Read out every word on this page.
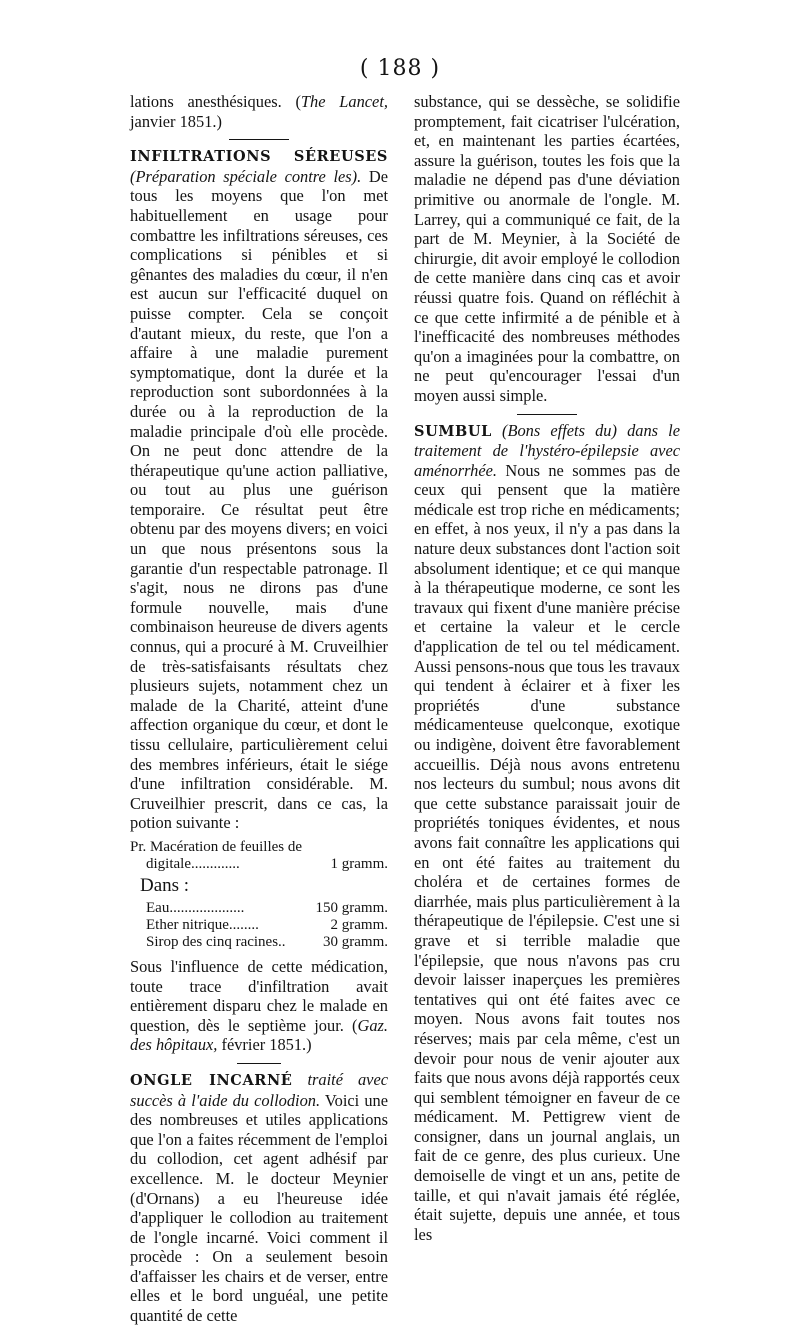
( 188 )

lations anesthésiques. (The Lancet, janvier 1851.)

INFILTRATIONS SÉREUSES (Préparation spéciale contre les). De tous les moyens que l'on met habituellement en usage pour combattre les infiltrations séreuses, ces complications si pénibles et si gênantes des maladies du cœur, il n'en est aucun sur l'efficacité duquel on puisse compter. Cela se conçoit d'autant mieux, du reste, que l'on a affaire à une maladie purement symptomatique, dont la durée et la reproduction sont subordonnées à la durée ou à la reproduction de la maladie principale d'où elle procède. On ne peut donc attendre de la thérapeutique qu'une action palliative, ou tout au plus une guérison temporaire. Ce résultat peut être obtenu par des moyens divers; en voici un que nous présentons sous la garantie d'un respectable patronage. Il s'agit, nous ne dirons pas d'une formule nouvelle, mais d'une combinaison heureuse de divers agents connus, qui a procuré à M. Cruveilhier de très-satisfaisants résultats chez plusieurs sujets, notamment chez un malade de la Charité, atteint d'une affection organique du cœur, et dont le tissu cellulaire, particulièrement celui des membres inférieurs, était le siége d'une infiltration considérable. M. Cruveilhier prescrit, dans ce cas, la potion suivante :

Pr. Macération de feuilles de
digitale.............	1 gramm.
Dans :
Eau....................	150 gramm.
Ether nitrique........	2 gramm.
Sirop des cinq racines.. 30 gramm.

Sous l'influence de cette médication, toute trace d'infiltration avait entièrement disparu chez le malade en question, dès le septième jour. (Gaz. des hôpitaux, février 1851.)

ONGLE INCARNÉ traité avec succès à l'aide du collodion. Voici une des nombreuses et utiles applications que l'on a faites récemment de l'emploi du collodion, cet agent adhésif par excellence. M. le docteur Meynier (d'Ornans) a eu l'heureuse idée d'appliquer le collodion au traitement de l'ongle incarné. Voici comment il procède : On a seulement besoin d'affaisser les chairs et de verser, entre elles et le bord unguéal, une petite quantité de cette

substance, qui se dessèche, se solidifie promptement, fait cicatriser l'ulcération, et, en maintenant les parties écartées, assure la guérison, toutes les fois que la maladie ne dépend pas d'une déviation primitive ou anormale de l'ongle. M. Larrey, qui a communiqué ce fait, de la part de M. Meynier, à la Société de chirurgie, dit avoir employé le collodion de cette manière dans cinq cas et avoir réussi quatre fois. Quand on réfléchit à ce que cette infirmité a de pénible et à l'inefficacité des nombreuses méthodes qu'on a imaginées pour la combattre, on ne peut qu'encourager l'essai d'un moyen aussi simple.

SUMBUL (Bons effets du) dans le traitement de l'hystéro-épilepsie avec aménorrhée. Nous ne sommes pas de ceux qui pensent que la matière médicale est trop riche en médicaments; en effet, à nos yeux, il n'y a pas dans la nature deux substances dont l'action soit absolument identique; et ce qui manque à la thérapeutique moderne, ce sont les travaux qui fixent d'une manière précise et certaine la valeur et le cercle d'application de tel ou tel médicament. Aussi pensons-nous que tous les travaux qui tendent à éclairer et à fixer les propriétés d'une substance médicamenteuse quelconque, exotique ou indigène, doivent être favorablement accueillis. Déjà nous avons entretenu nos lecteurs du sumbul; nous avons dit que cette substance paraissait jouir de propriétés toniques évidentes, et nous avons fait connaître les applications qui en ont été faites au traitement du choléra et de certaines formes de diarrhée, mais plus particulièrement à la thérapeutique de l'épilepsie. C'est une si grave et si terrible maladie que l'épilepsie, que nous n'avons pas cru devoir laisser inaperçues les premières tentatives qui ont été faites avec ce moyen. Nous avons fait toutes nos réserves; mais par cela même, c'est un devoir pour nous de venir ajouter aux faits que nous avons déjà rapportés ceux qui semblent témoigner en faveur de ce médicament. M. Pettigrew vient de consigner, dans un journal anglais, un fait de ce genre, des plus curieux. Une demoiselle de vingt et un ans, petite de taille, et qui n'avait jamais été réglée, était sujette, depuis une année, et tous les
